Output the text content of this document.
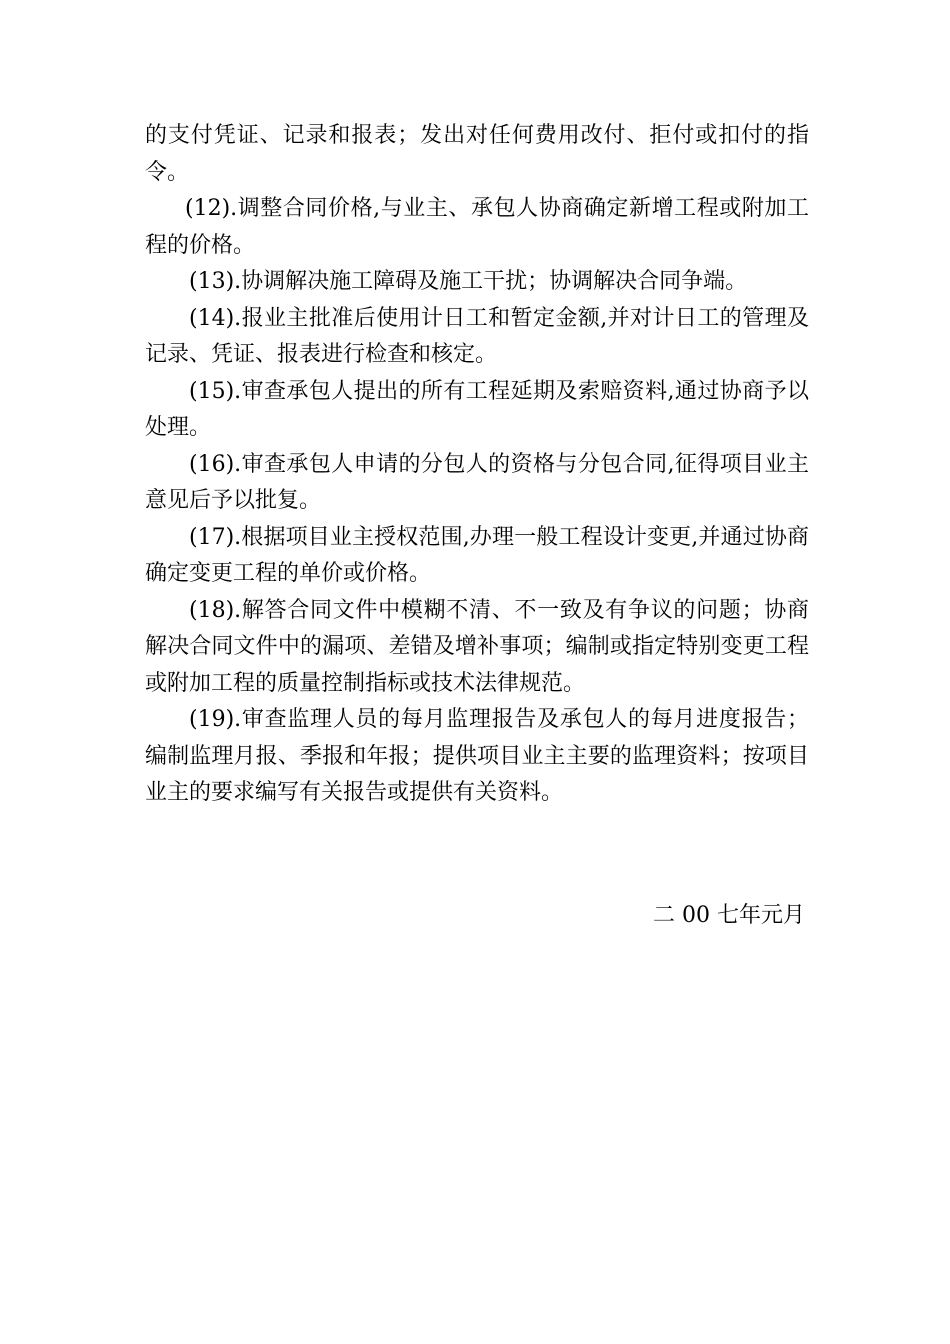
的支付凭证、记录和报表；发出对任何费用改付、拒付或扣付的指令。

(12).调整合同价格,与业主、承包人协商确定新增工程或附加工程的价格。

(13).协调解决施工障碍及施工干扰；协调解决合同争端。

(14).报业主批准后使用计日工和暂定金额,并对计日工的管理及记录、凭证、报表进行检查和核定。

(15).审查承包人提出的所有工程延期及索赔资料,通过协商予以处理。

(16).审查承包人申请的分包人的资格与分包合同,征得项目业主意见后予以批复。

(17).根据项目业主授权范围,办理一般工程设计变更,并通过协商确定变更工程的单价或价格。

(18).解答合同文件中模糊不清、不一致及有争议的问题；协商解决合同文件中的漏项、差错及增补事项；编制或指定特别变更工程或附加工程的质量控制指标或技术法律规范。

(19).审查监理人员的每月监理报告及承包人的每月进度报告；编制监理月报、季报和年报；提供项目业主主要的监理资料；按项目业主的要求编写有关报告或提供有关资料。

二 00 七年元月
